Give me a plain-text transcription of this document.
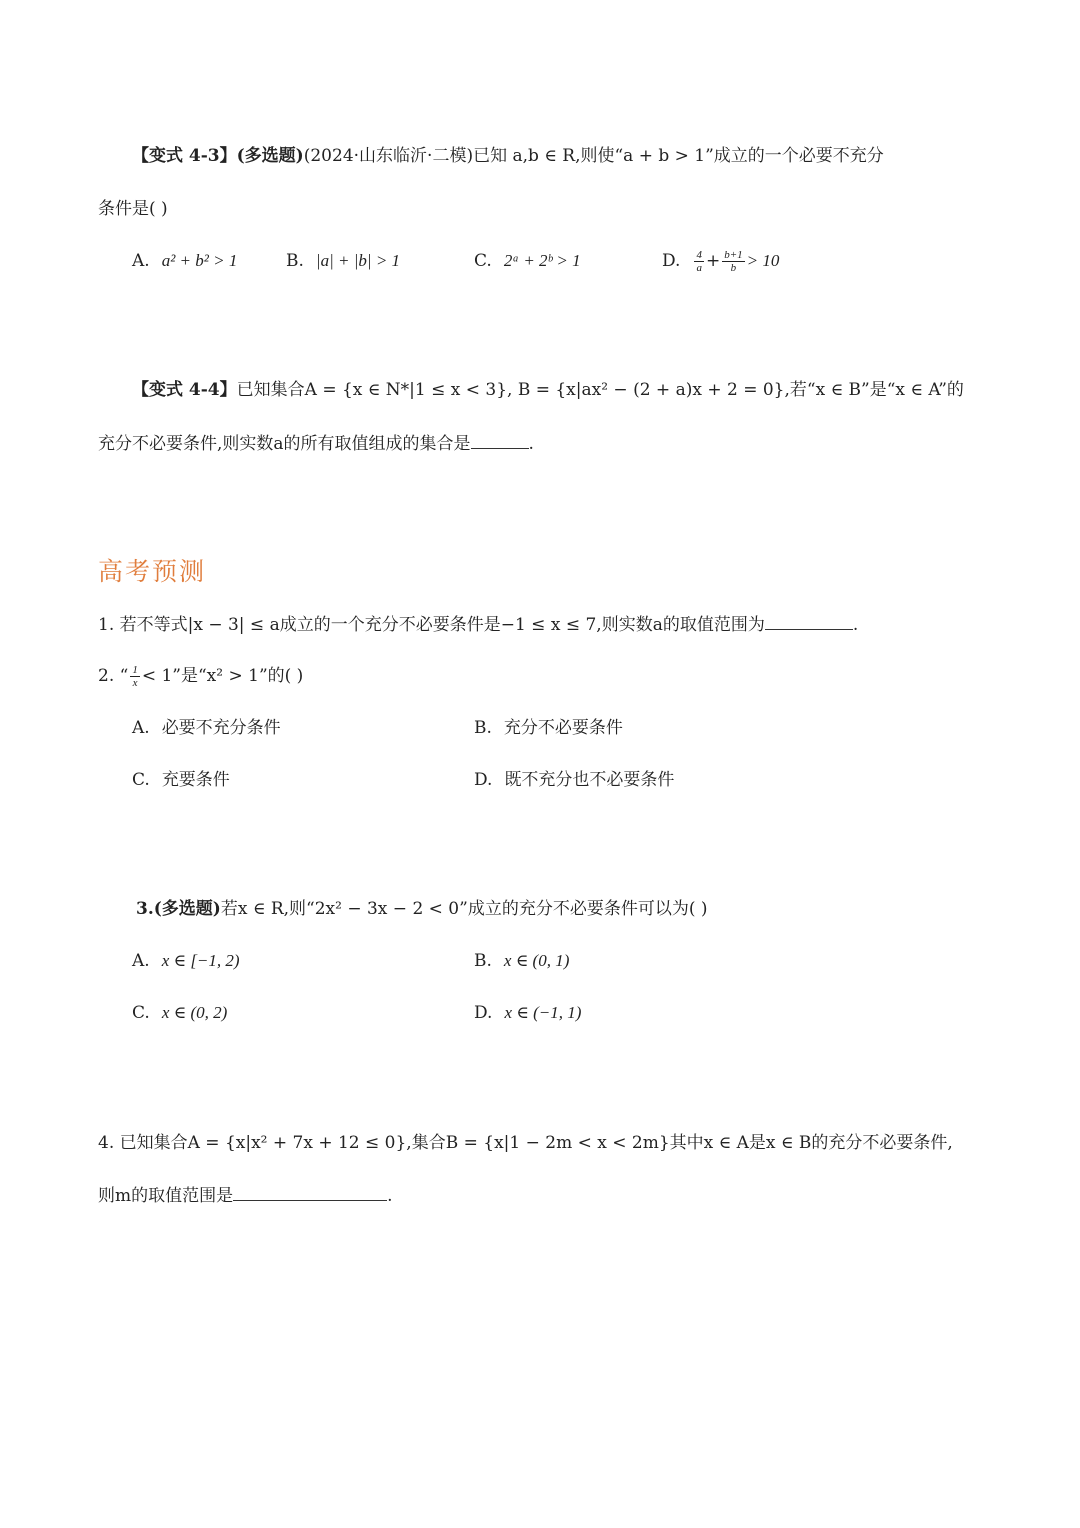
【变式 4-3】(多选题)(2024·山东临沂·二模)已知 a,b ∈ R,则使“a + b > 1”成立的一个必要不充分
条件是( )
A. a² + b² > 1	B. |a| + |b| > 1	C. 2ᵃ + 2ᵇ > 1	D. $\frac{4}{a} + \frac{b+1}{b} > 10$
【变式 4-4】已知集合A = {x ∈ N*|1 ≤ x < 3}, B = {x|ax² − (2 + a)x + 2 = 0},若“x ∈ B”是“x ∈ A”的
充分不必要条件,则实数a的所有取值组成的集合是	.
高考预测
1. 若不等式|x − 3| ≤ a成立的一个充分不必要条件是−1 ≤ x ≤ 7,则实数a的取值范围为	.
2. “ $\frac{1}{x} < 1$”是“x² > 1”的( )
A. 必要不充分条件	B. 充分不必要条件
C. 充要条件	D. 既不充分也不必要条件
3.(多选题)若x ∈ R,则“2x² − 3x − 2 < 0”成立的充分不必要条件可以为( )
A. x ∈ [−1, 2)	B. x ∈ (0, 1)
C. x ∈ (0, 2)	D. x ∈ (−1, 1)
4. 已知集合A = {x|x² + 7x + 12 ≤ 0},集合B = {x|1 − 2m < x < 2m}其中x ∈ A是x ∈ B的充分不必要条件,
则m的取值范围是	.
